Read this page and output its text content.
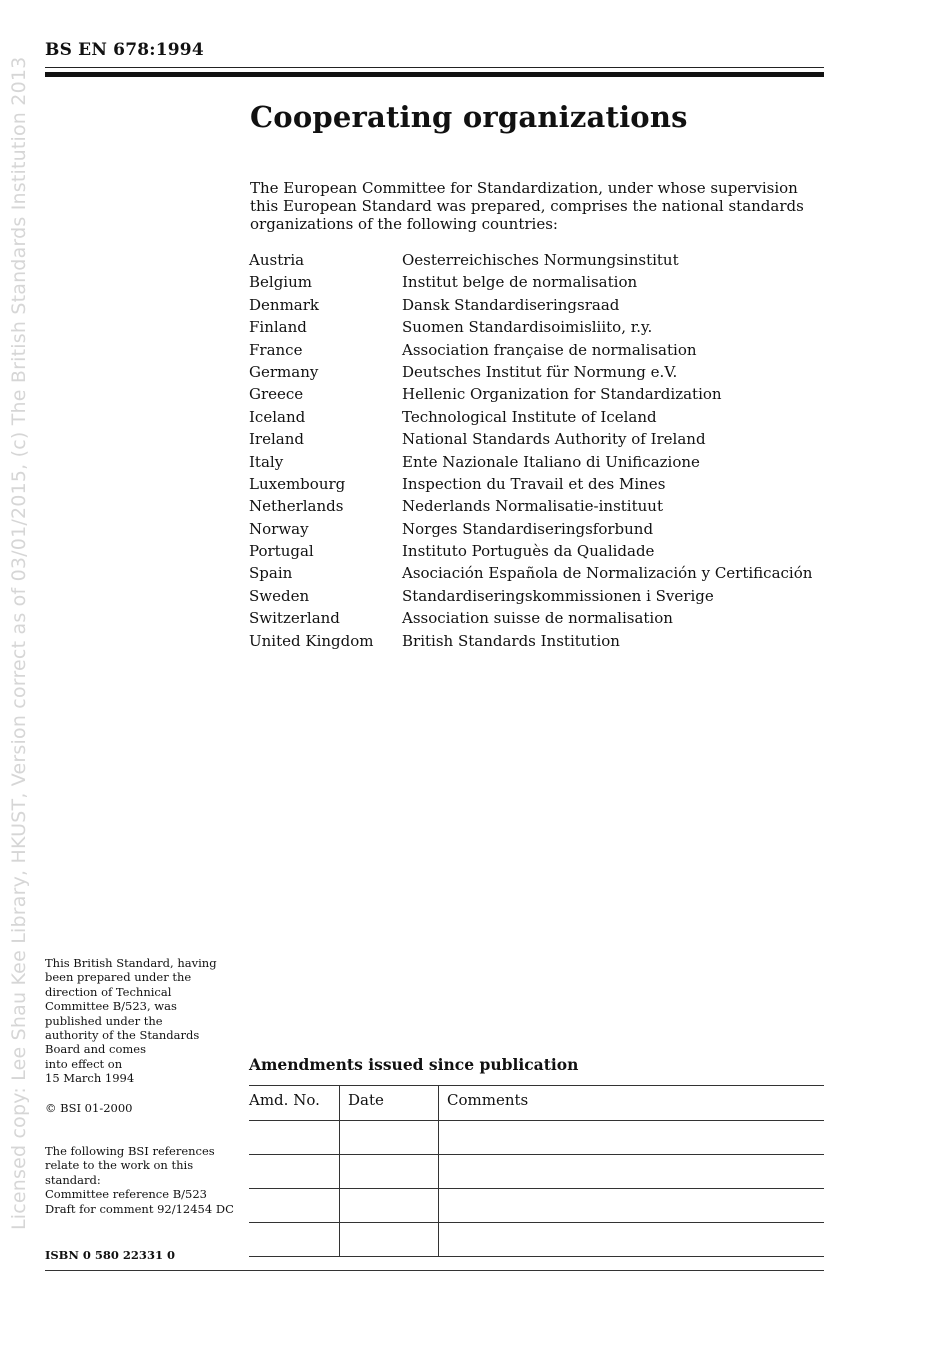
BS EN 678:1994
Licensed copy: Lee Shau Kee Library, HKUST, Version correct as of 03/01/2015, (c) The British Standards Institution 2013	Cooperating organizations

The European Committee for Standardization, under whose supervision this European Standard was prepared, comprises the national standards organizations of the following countries:

Austria	Oesterreichisches Normungsinstitut
Belgium	Institut belge de normalisation
Denmark	Dansk Standardiseringsraad
Finland	Suomen Standardisoimisliito, r.y.
France	Association française de normalisation
Germany	Deutsches Institut für Normung e.V.
Greece	Hellenic Organization for Standardization
Iceland	Technological Institute of Iceland
Ireland	National Standards Authority of Ireland
Italy	Ente Nazionale Italiano di Unificazione
Luxembourg	Inspection du Travail et des Mines
Netherlands	Nederlands Normalisatie-instituut
Norway	Norges Standardiseringsforbund
Portugal	Instituto Portuguès da Qualidade
Spain	Asociación Española de Normalización y Certificación
Sweden	Standardiseringskommissionen i Sverige
Switzerland	Association suisse de normalisation
United Kingdom	British Standards Institution
This British Standard, having
been prepared under the
direction of Technical
Committee B/523, was
published under the
authority of the Standards
Board and comes
into effect on
15 March 1994
© BSI 01-2000
The following BSI references
relate to the work on this
standard:
Committee reference B/523
Draft for comment 92/12454 DC
ISBN 0 580 22331 0
Amendments issued since publication
Amd. No.	Date	Comments
